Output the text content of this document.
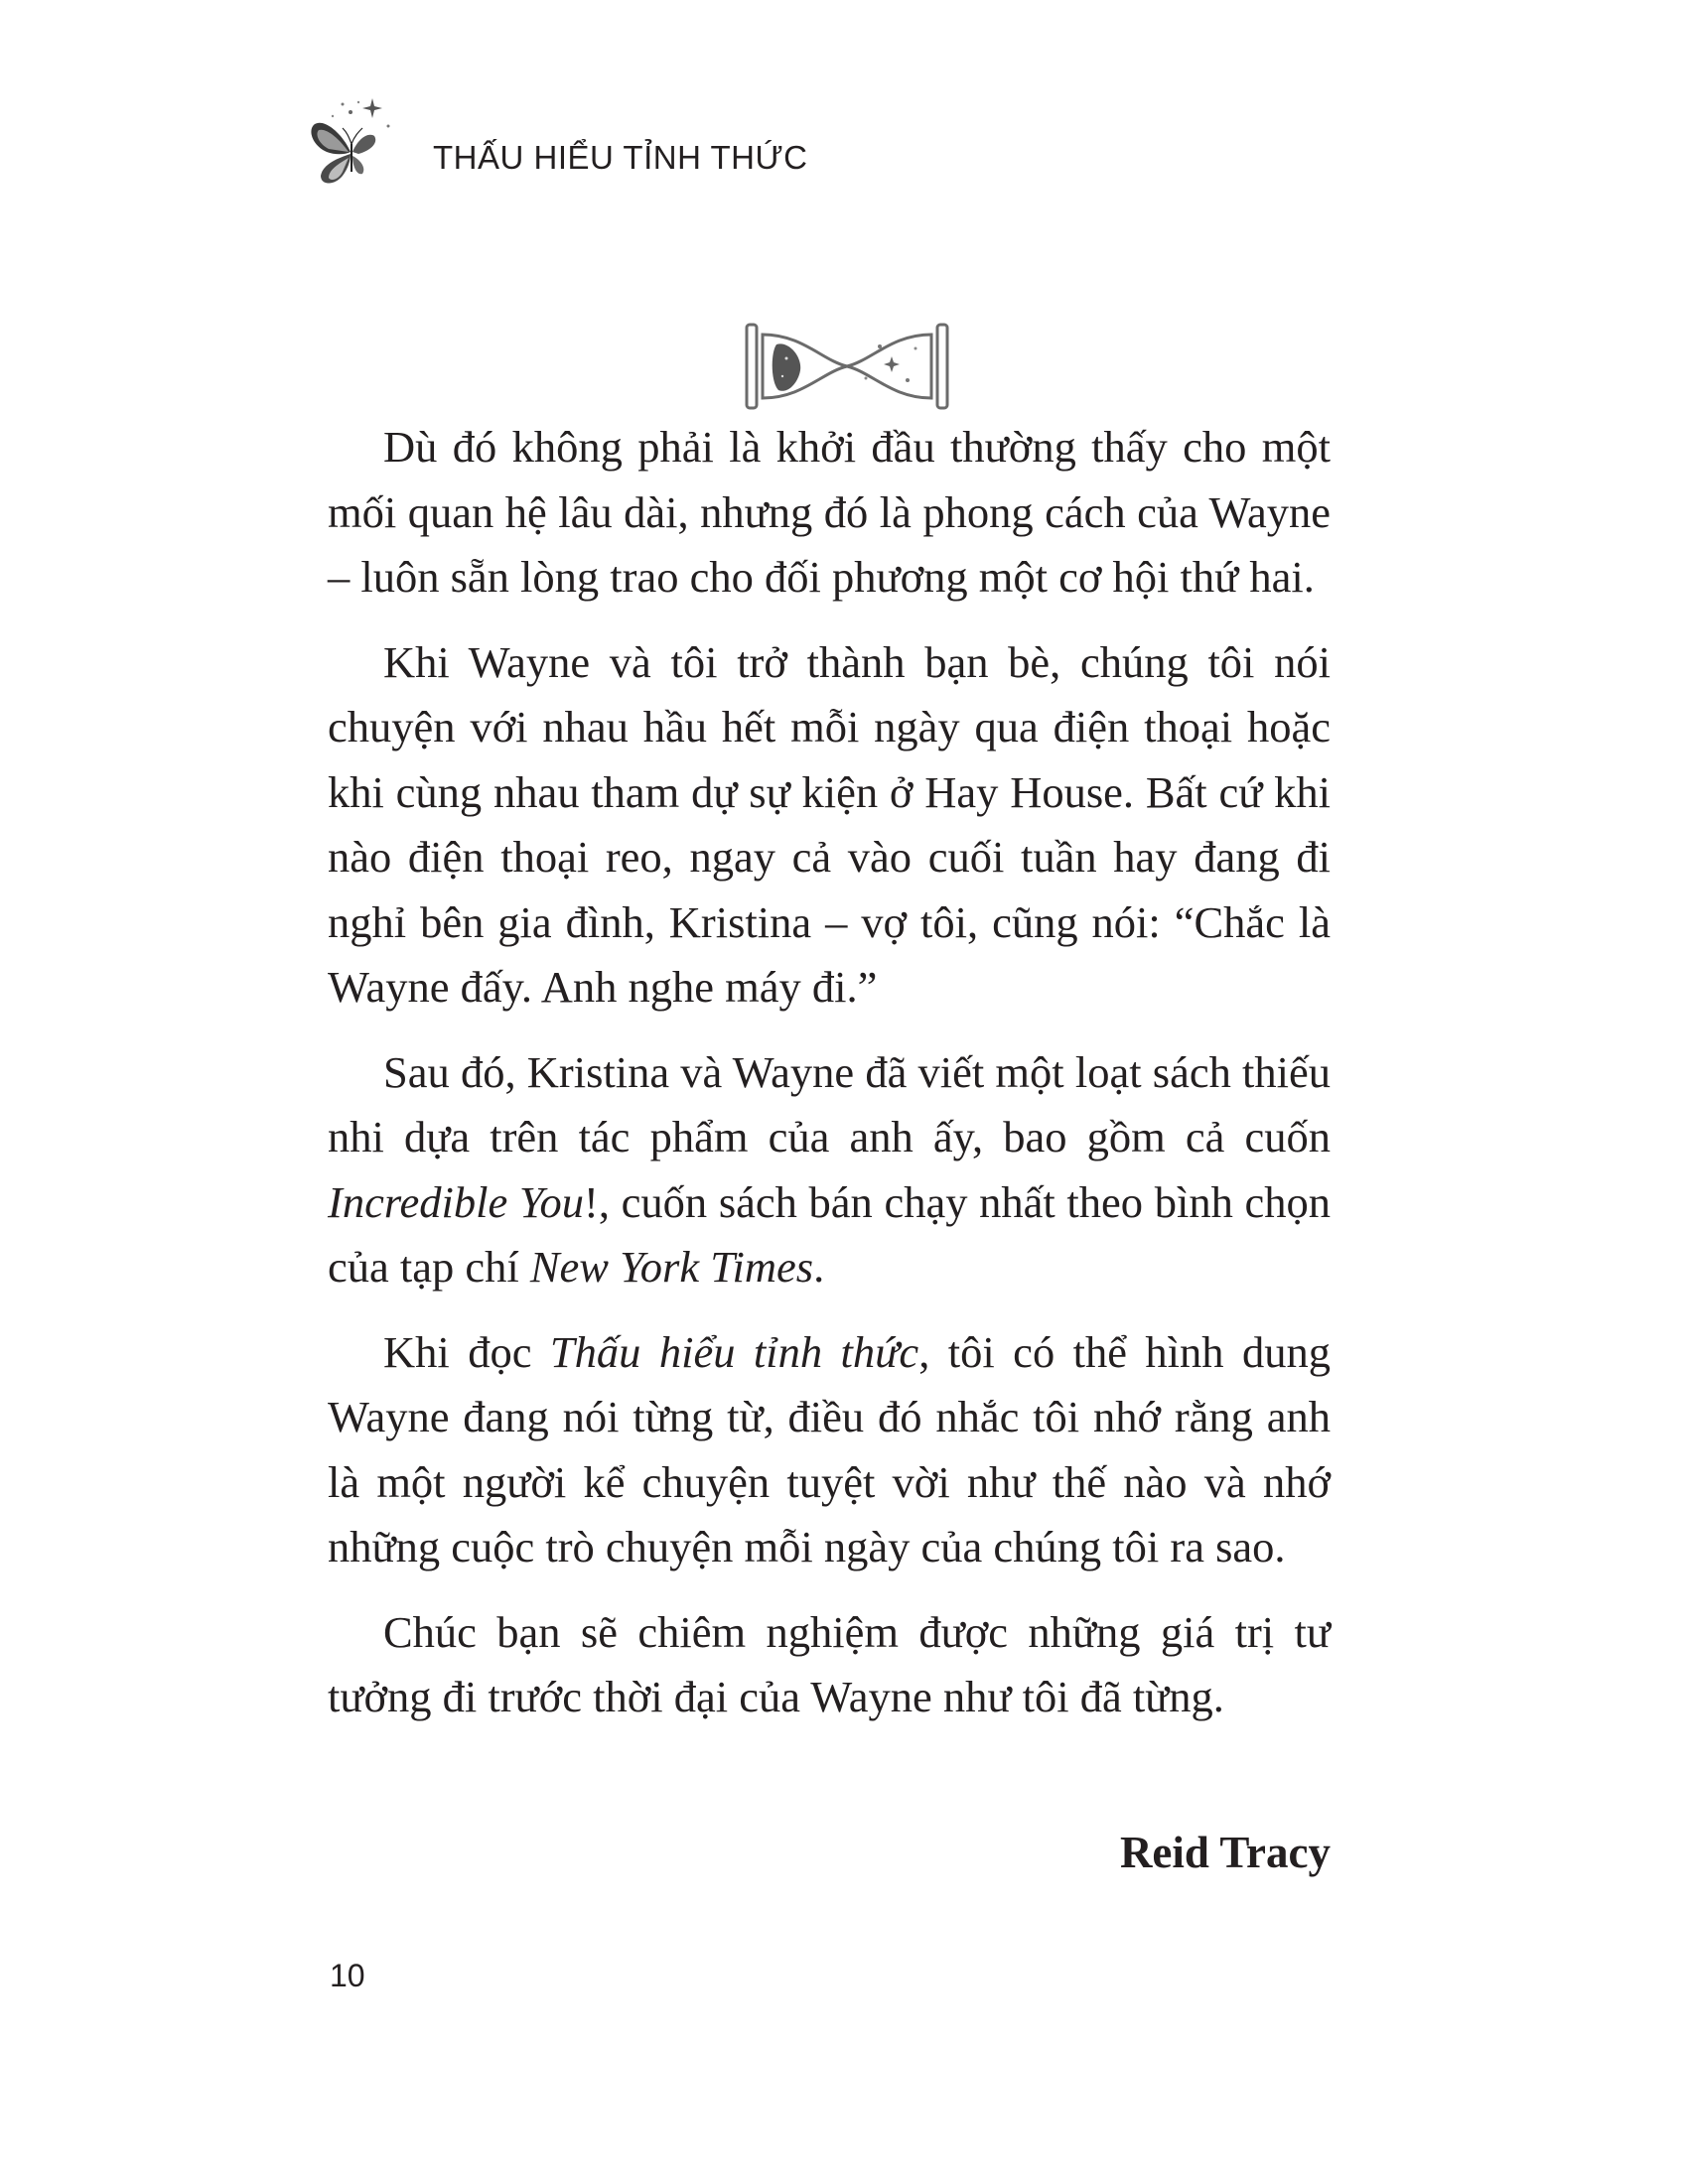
THẤU HIỂU TỈNH THỨC

Dù đó không phải là khởi đầu thường thấy cho một mối quan hệ lâu dài, nhưng đó là phong cách của Wayne – luôn sẵn lòng trao cho đối phương một cơ hội thứ hai.

Khi Wayne và tôi trở thành bạn bè, chúng tôi nói chuyện với nhau hầu hết mỗi ngày qua điện thoại hoặc khi cùng nhau tham dự sự kiện ở Hay House. Bất cứ khi nào điện thoại reo, ngay cả vào cuối tuần hay đang đi nghỉ bên gia đình, Kristina – vợ tôi, cũng nói: “Chắc là Wayne đấy. Anh nghe máy đi.”

Sau đó, Kristina và Wayne đã viết một loạt sách thiếu nhi dựa trên tác phẩm của anh ấy, bao gồm cả cuốn Incredible You!, cuốn sách bán chạy nhất theo bình chọn của tạp chí New York Times.

Khi đọc Thấu hiểu tỉnh thức, tôi có thể hình dung Wayne đang nói từng từ, điều đó nhắc tôi nhớ rằng anh là một người kể chuyện tuyệt vời như thế nào và nhớ những cuộc trò chuyện mỗi ngày của chúng tôi ra sao.

Chúc bạn sẽ chiêm nghiệm được những giá trị tư tưởng đi trước thời đại của Wayne như tôi đã từng.

Reid Tracy
10
